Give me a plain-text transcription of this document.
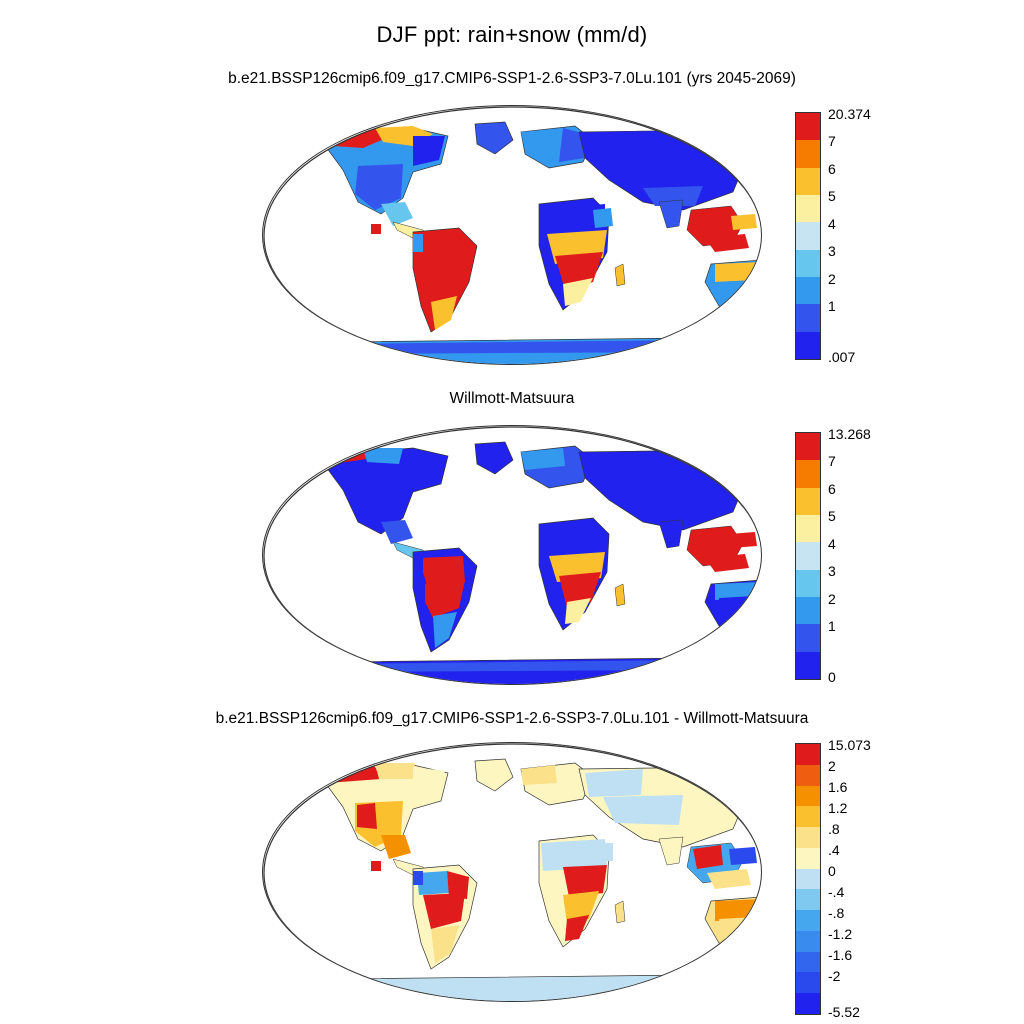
DJF ppt: rain+snow (mm/d)
b.e21.BSSP126cmip6.f09_g17.CMIP6-SSP1-2.6-SSP3-7.0Lu.101 (yrs 2045-2069)
20.374
7
6
5
4
3
2
1
.007
Willmott-Matsuura
13.268
7
6
5
4
3
2
1
0
b.e21.BSSP126cmip6.f09_g17.CMIP6-SSP1-2.6-SSP3-7.0Lu.101 - Willmott-Matsuura
15.073
2
1.6
1.2
.8
.4
0
-.4
-.8
-1.2
-1.6
-2
-5.52
